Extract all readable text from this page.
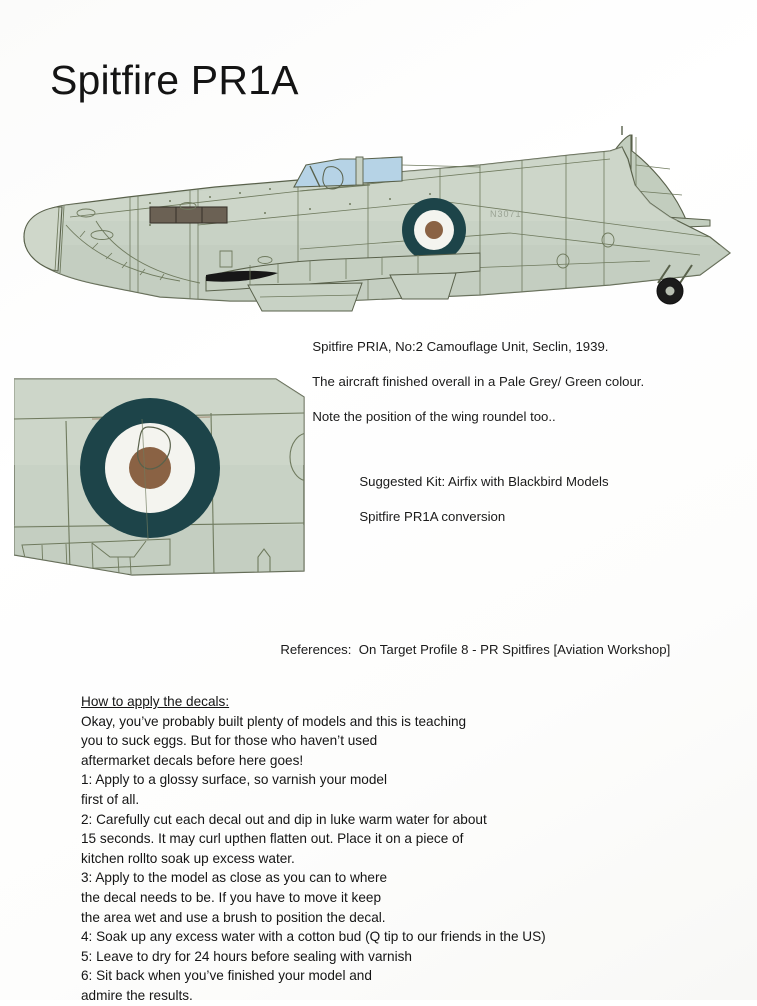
Spitfire PR1A
N3071

Spitfire PRIA, No:2 Camouflage Unit, Seclin, 1939.

The aircraft finished overall in a Pale Grey/ Green colour.

Note the position of the wing roundel too..

Suggested Kit: Airfix with Blackbird Models

Spitfire PR1A conversion

References:  On Target Profile 8 - PR Spitfires [Aviation Workshop]

How to apply the decals:
Okay, you’ve probably built plenty of models and this is teaching
you to suck eggs. But for those who haven’t used
aftermarket decals before here goes!
1: Apply to a glossy surface, so varnish your model
first of all.
2: Carefully cut each decal out and dip in luke warm water for about
15 seconds. It may curl upthen flatten out. Place it on a piece of
kitchen rollto soak up excess water.
3: Apply to the model as close as you can to where
the decal needs to be. If you have to move it keep
the area wet and use a brush to position the decal.
4: Soak up any excess water with a cotton bud (Q tip to our friends in the US)
5: Leave to dry for 24 hours before sealing with varnish
6: Sit back when you’ve finished your model and
admire the results.
